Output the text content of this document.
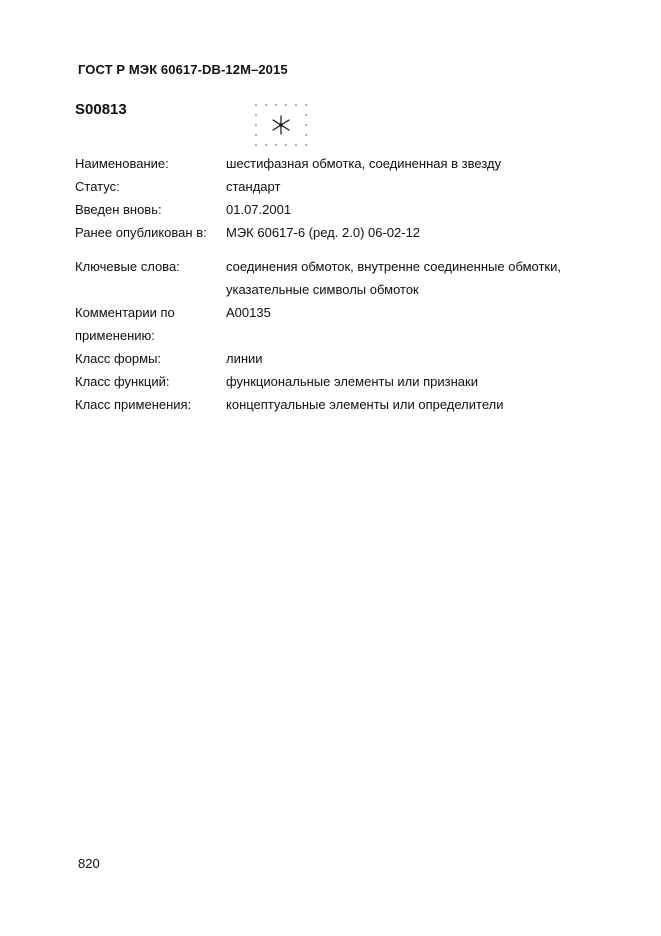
ГОСТ Р МЭК 60617-DB-12M–2015
S00813
Наименование:	шестифазная обмотка, соединенная в звезду
Статус:	стандарт
Введен вновь:	01.07.2001
Ранее опубликован в: МЭК 60617-6 (ред. 2.0) 06-02-12
Ключевые слова:	соединения обмоток, внутренне соединенные обмотки,
указательные символы обмоток
Комментарии по	A00135
применению:
Класс формы:	линии
Класс функций:	функциональные элементы или признаки
Класс применения:	концептуальные элементы или определители
820
